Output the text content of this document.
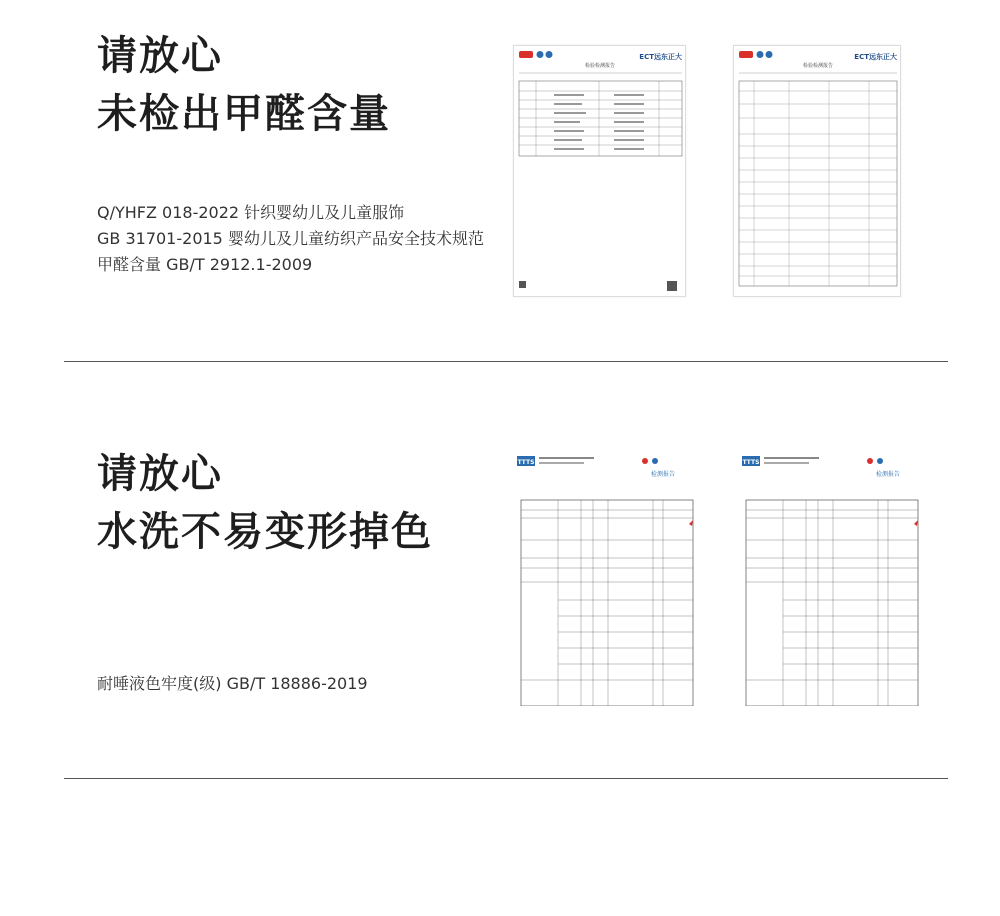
请放心
未检出甲醛含量
Q/YHFZ 018-2022 针织婴幼儿及儿童服饰
GB 31701-2015 婴幼儿及儿童纺织产品安全技术规范
甲醛含量 GB/T 2912.1-2009
ECT远东正大
检验检测报告
ECT远东正大
检验检测报告
请放心
水洗不易变形掉色
耐唾液色牢度(级) GB/T 18886-2019
TTTS
检测报告
TTTS
检测报告
